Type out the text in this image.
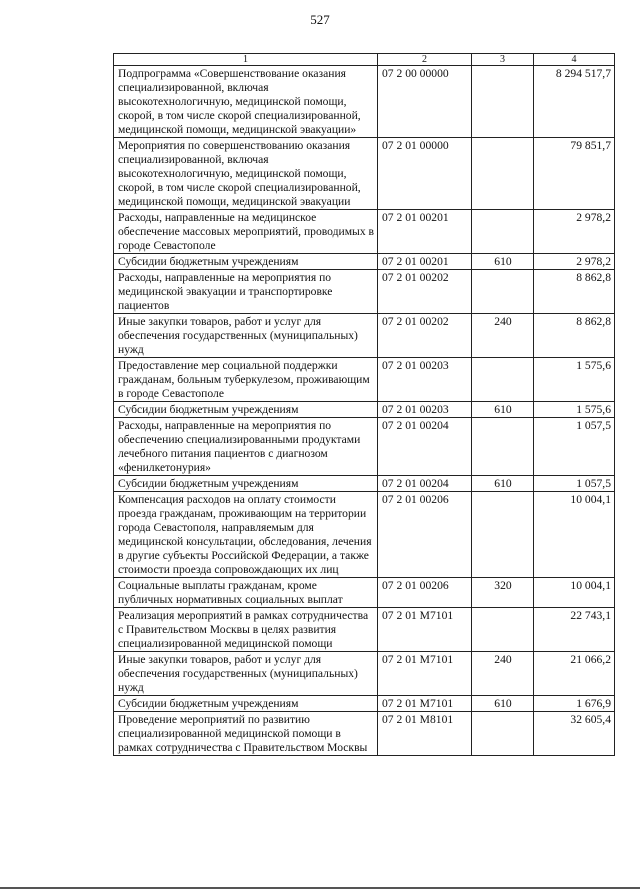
527
1	2	3	4
Подпрограмма «Совершенствование оказания специализированной, включая высокотехнологичную, медицинской помощи, скорой, в том числе скорой специализированной, медицинской помощи, медицинской эвакуации»	07 2 00 00000		8 294 517,7
Мероприятия по совершенствованию оказания специализированной, включая высокотехнологичную, медицинской помощи, скорой, в том числе скорой специализированной, медицинской помощи, медицинской эвакуации	07 2 01 00000		79 851,7
Расходы, направленные на медицинское обеспечение массовых мероприятий, проводимых в городе Севастополе	07 2 01 00201		2 978,2
Субсидии бюджетным учреждениям	07 2 01 00201	610	2 978,2
Расходы, направленные на мероприятия по медицинской эвакуации и транспортировке пациентов	07 2 01 00202		8 862,8
Иные закупки товаров, работ и услуг для обеспечения государственных (муниципальных) нужд	07 2 01 00202	240	8 862,8
Предоставление мер социальной поддержки гражданам, больным туберкулезом, проживающим в городе Севастополе	07 2 01 00203		1 575,6
Субсидии бюджетным учреждениям	07 2 01 00203	610	1 575,6
Расходы, направленные на мероприятия по обеспечению специализированными продуктами лечебного питания пациентов с диагнозом «фенилкетонурия»	07 2 01 00204		1 057,5
Субсидии бюджетным учреждениям	07 2 01 00204	610	1 057,5
Компенсация расходов на оплату стоимости проезда гражданам, проживающим на территории города Севастополя, направляемым для медицинской консультации, обследования, лечения в другие субъекты Российской Федерации, а также стоимости проезда сопровождающих их лиц	07 2 01 00206		10 004,1
Социальные выплаты гражданам, кроме публичных нормативных социальных выплат	07 2 01 00206	320	10 004,1
Реализация мероприятий в рамках сотрудничества с Правительством Москвы в целях развития специализированной медицинской помощи	07 2 01 M7101		22 743,1
Иные закупки товаров, работ и услуг для обеспечения государственных (муниципальных) нужд	07 2 01 M7101	240	21 066,2
Субсидии бюджетным учреждениям	07 2 01 M7101	610	1 676,9
Проведение мероприятий по развитию специализированной медицинской помощи в рамках сотрудничества с Правительством Москвы	07 2 01 M8101		32 605,4
